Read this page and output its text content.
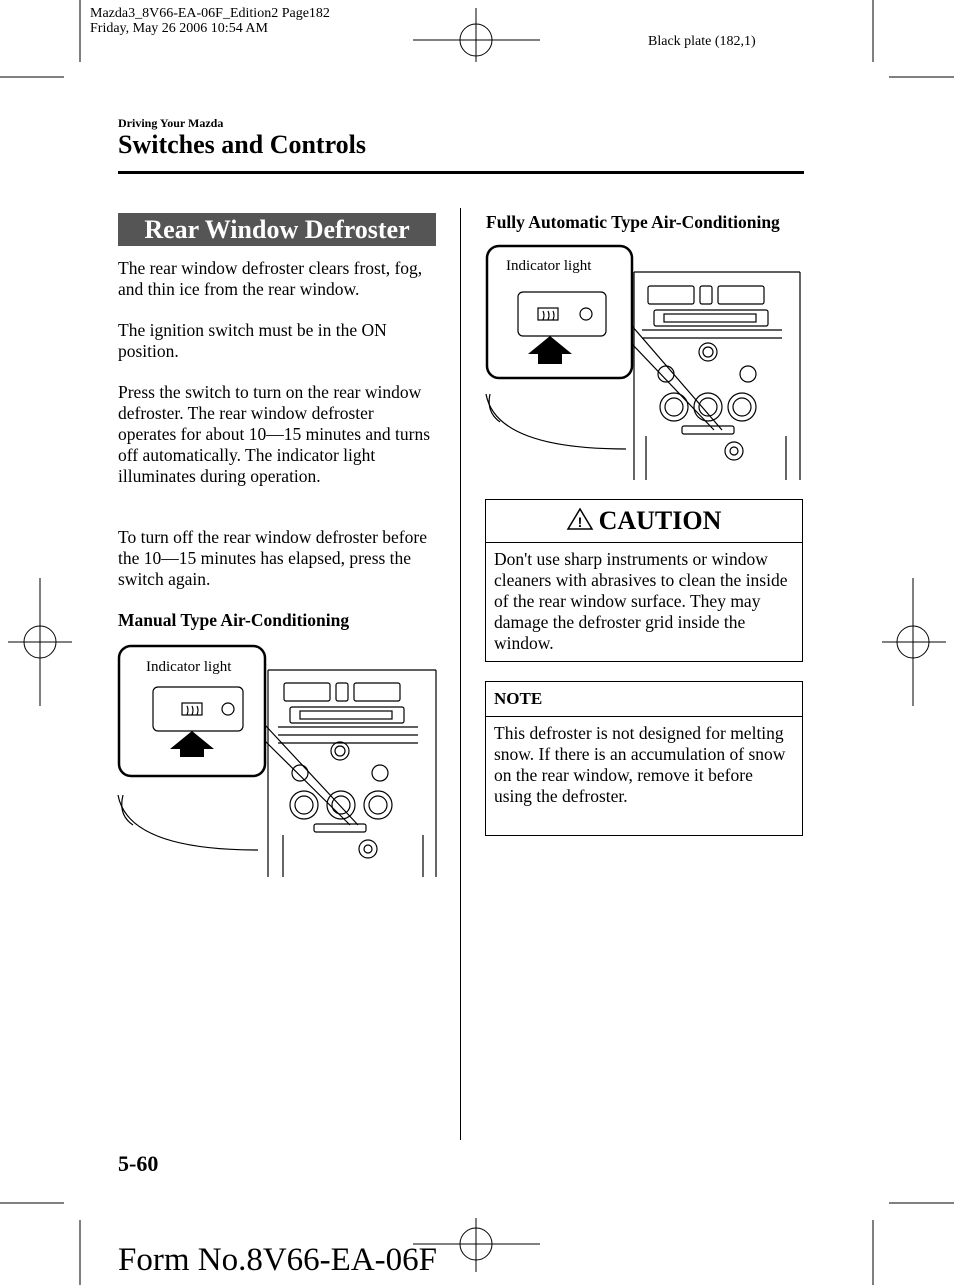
Mazda3_8V66-EA-06F_Edition2 Page182
Friday, May 26 2006 10:54 AM
Black plate (182,1)
Driving Your Mazda
Switches and Controls
Rear Window Defroster
The rear window defroster clears frost, fog, and thin ice from the rear window.
The ignition switch must be in the ON position.
Press the switch to turn on the rear window defroster. The rear window defroster operates for about 10―15 minutes and turns off automatically. The indicator light illuminates during operation.
To turn off the rear window defroster before the 10―15 minutes has elapsed, press the switch again.
Manual Type Air-Conditioning
Indicator light
Fully Automatic Type Air-Conditioning
Indicator light
! CAUTION
Don't use sharp instruments or window cleaners with abrasives to clean the inside of the rear window surface. They may damage the defroster grid inside the window.
NOTE
This defroster is not designed for melting snow. If there is an accumulation of snow on the rear window, remove it before using the defroster.
5-60
Form No.8V66-EA-06F
